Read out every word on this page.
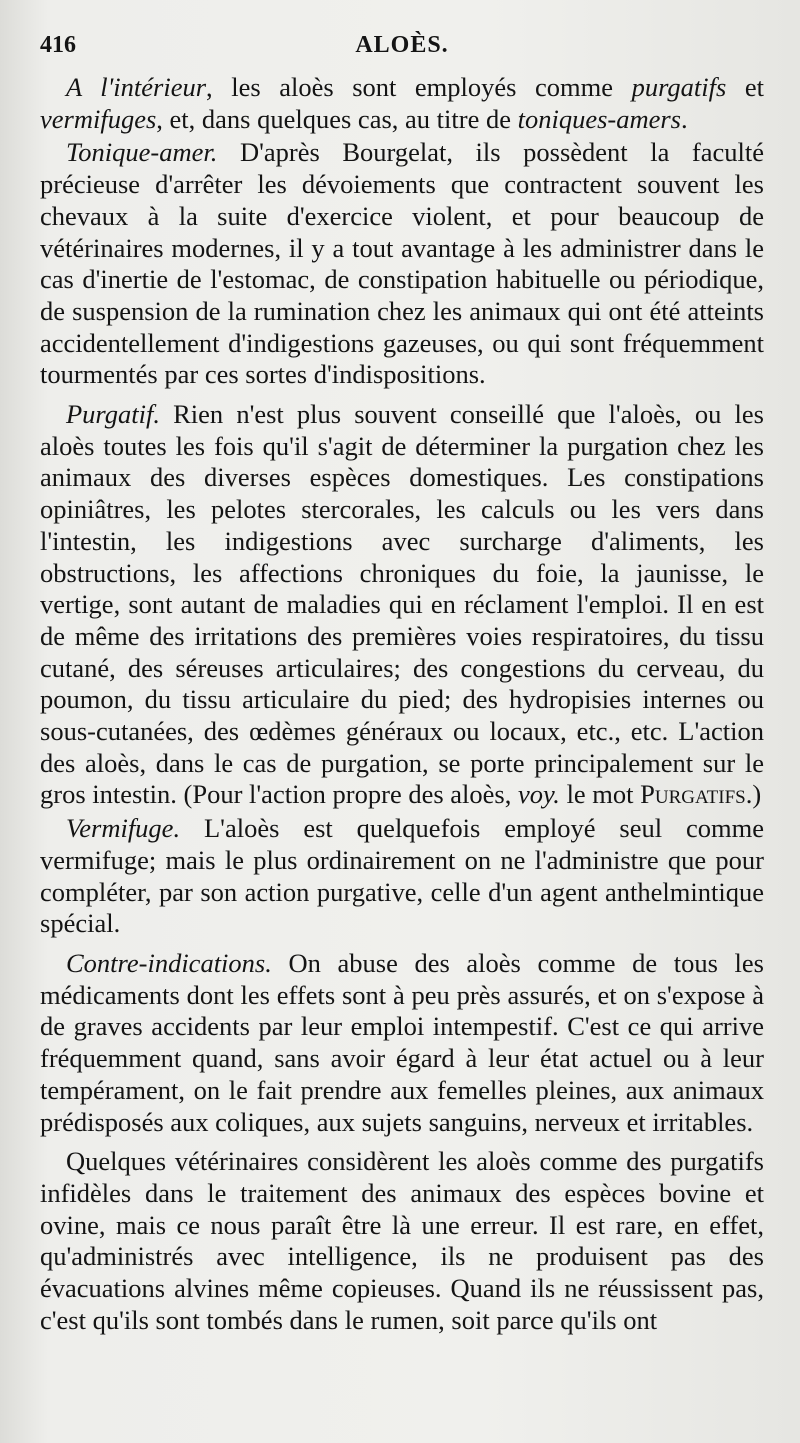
416	ALOÈS.

A l'intérieur, les aloès sont employés comme purgatifs et vermifuges, et, dans quelques cas, au titre de toniques-amers.

Tonique-amer. D'après Bourgelat, ils possèdent la faculté précieuse d'arrêter les dévoiements que contractent souvent les chevaux à la suite d'exercice violent, et pour beaucoup de vétérinaires modernes, il y a tout avantage à les administrer dans le cas d'inertie de l'estomac, de constipation habituelle ou périodique, de suspension de la rumination chez les animaux qui ont été atteints accidentellement d'indigestions gazeuses, ou qui sont fréquemment tourmentés par ces sortes d'indispositions.

Purgatif. Rien n'est plus souvent conseillé que l'aloès, ou les aloès toutes les fois qu'il s'agit de déterminer la purgation chez les animaux des diverses espèces domestiques. Les constipations opiniâtres, les pelotes stercorales, les calculs ou les vers dans l'intestin, les indigestions avec surcharge d'aliments, les obstructions, les affections chroniques du foie, la jaunisse, le vertige, sont autant de maladies qui en réclament l'emploi. Il en est de même des irritations des premières voies respiratoires, du tissu cutané, des séreuses articulaires; des congestions du cerveau, du poumon, du tissu articulaire du pied; des hydropisies internes ou sous-cutanées, des œdèmes généraux ou locaux, etc., etc. L'action des aloès, dans le cas de purgation, se porte principalement sur le gros intestin. (Pour l'action propre des aloès, voy. le mot Purgatifs.)

Vermifuge. L'aloès est quelquefois employé seul comme vermifuge; mais le plus ordinairement on ne l'administre que pour compléter, par son action purgative, celle d'un agent anthelmintique spécial.

Contre-indications. On abuse des aloès comme de tous les médicaments dont les effets sont à peu près assurés, et on s'expose à de graves accidents par leur emploi intempestif. C'est ce qui arrive fréquemment quand, sans avoir égard à leur état actuel ou à leur tempérament, on le fait prendre aux femelles pleines, aux animaux prédisposés aux coliques, aux sujets sanguins, nerveux et irritables.

Quelques vétérinaires considèrent les aloès comme des purgatifs infidèles dans le traitement des animaux des espèces bovine et ovine, mais ce nous paraît être là une erreur. Il est rare, en effet, qu'administrés avec intelligence, ils ne produisent pas des évacuations alvines même copieuses. Quand ils ne réussissent pas, c'est qu'ils sont tombés dans le rumen, soit parce qu'ils ont
